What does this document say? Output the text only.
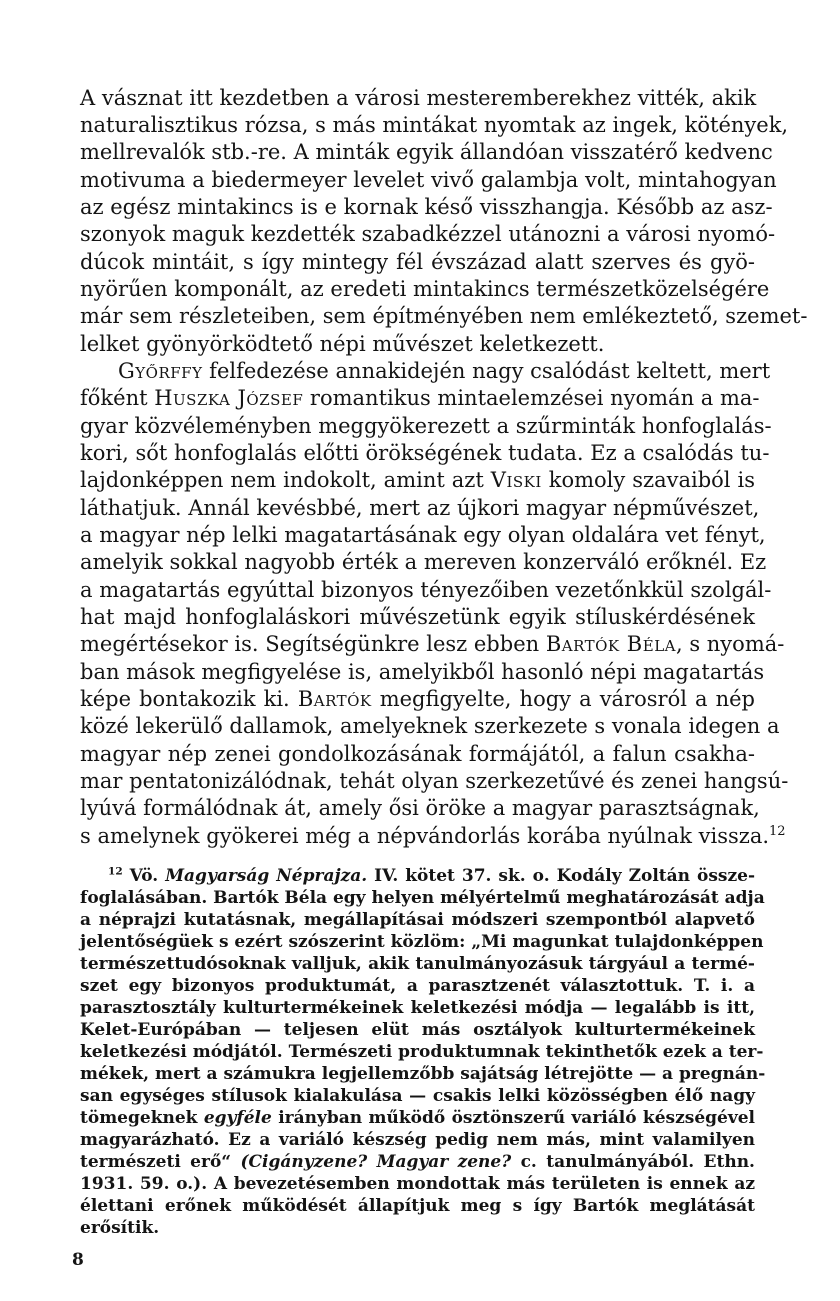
A vásznat itt kezdetben a városi mesteremberekhez vitték, akik
naturalisztikus rózsa, s más mintákat nyomtak az ingek, kötények,
mellrevalók stb.-re. A minták egyik állandóan visszatérő kedvenc
motivuma a biedermeyer levelet vivő galambja volt, mintahogyan
az egész mintakincs is e kornak késő visszhangja. Később az asz-
szonyok maguk kezdették szabadkézzel utánozni a városi nyomó-
dúcok mintáit, s így mintegy fél évszázad alatt szerves és gyö-
nyörűen komponált, az eredeti mintakincs természetközelségére
már sem részleteiben, sem építményében nem emlékeztető, szemet-
lelket gyönyörködtető népi művészet keletkezett.
Győrffy felfedezése annakidején nagy csalódást keltett, mert
főként Huszka József romantikus mintaelemzései nyomán a ma-
gyar közvéleményben meggyökerezett a szűrminták honfoglalás-
kori, sőt honfoglalás előtti örökségének tudata. Ez a csalódás tu-
lajdonképpen nem indokolt, amint azt Viski komoly szavaiból is
láthatjuk. Annál kevésbbé, mert az újkori magyar népművészet,
a magyar nép lelki magatartásának egy olyan oldalára vet fényt,
amelyik sokkal nagyobb érték a mereven konzerváló erőknél. Ez
a magatartás egyúttal bizonyos tényezőiben vezetőnkkül szolgál-
hat majd honfoglaláskori művészetünk egyik stíluskérdésének
megértésekor is. Segítségünkre lesz ebben Bartók Béla, s nyomá-
ban mások megfigyelése is, amelyikből hasonló népi magatartás
képe bontakozik ki. Bartók megfigyelte, hogy a városról a nép
közé lekerülő dallamok, amelyeknek szerkezete s vonala idegen a
magyar nép zenei gondolkozásának formájától, a falun csakha-
mar pentatonizálódnak, tehát olyan szerkezetűvé és zenei hangsú-
lyúvá formálódnak át, amely ősi öröke a magyar parasztságnak,
s amelynek gyökerei még a népvándorlás korába nyúlnak vissza.$^{12}$
$^{12}$ Vö. Magyarság Néprajza. IV. kötet 37. sk. o. Kodály Zoltán össze-
foglalásában. Bartók Béla egy helyen mélyértelmű meghatározását adja
a néprajzi kutatásnak, megállapításai módszeri szempontból alapvető
jelentőségüek s ezért szószerint közlöm: „Mi magunkat tulajdonképpen
természettudósoknak valljuk, akik tanulmányozásuk tárgyául a termé-
szet egy bizonyos produktumát, a parasztzenét választottuk. T. i. a
parasztosztály kulturtermékeinek keletkezési módja — legalább is itt,
Kelet-Európában — teljesen elüt más osztályok kulturtermékeinek
keletkezési módjától. Természeti produktumnak tekinthetők ezek a ter-
mékek, mert a számukra legjellemzőbb sajátság létrejötte — a pregnán-
san egységes stílusok kialakulása — csakis lelki közösségben élő nagy
tömegeknek egyféle irányban működő ösztönszerű variáló készségével
magyarázható. Ez a variáló készség pedig nem más, mint valamilyen
természeti erő“ (Cigányzene? Magyar zene? c. tanulmányából. Ethn.
1931. 59. o.). A bevezetésemben mondottak más területen is ennek az
élettani erőnek működését állapítjuk meg s így Bartók meglátását
erősítik.
8
